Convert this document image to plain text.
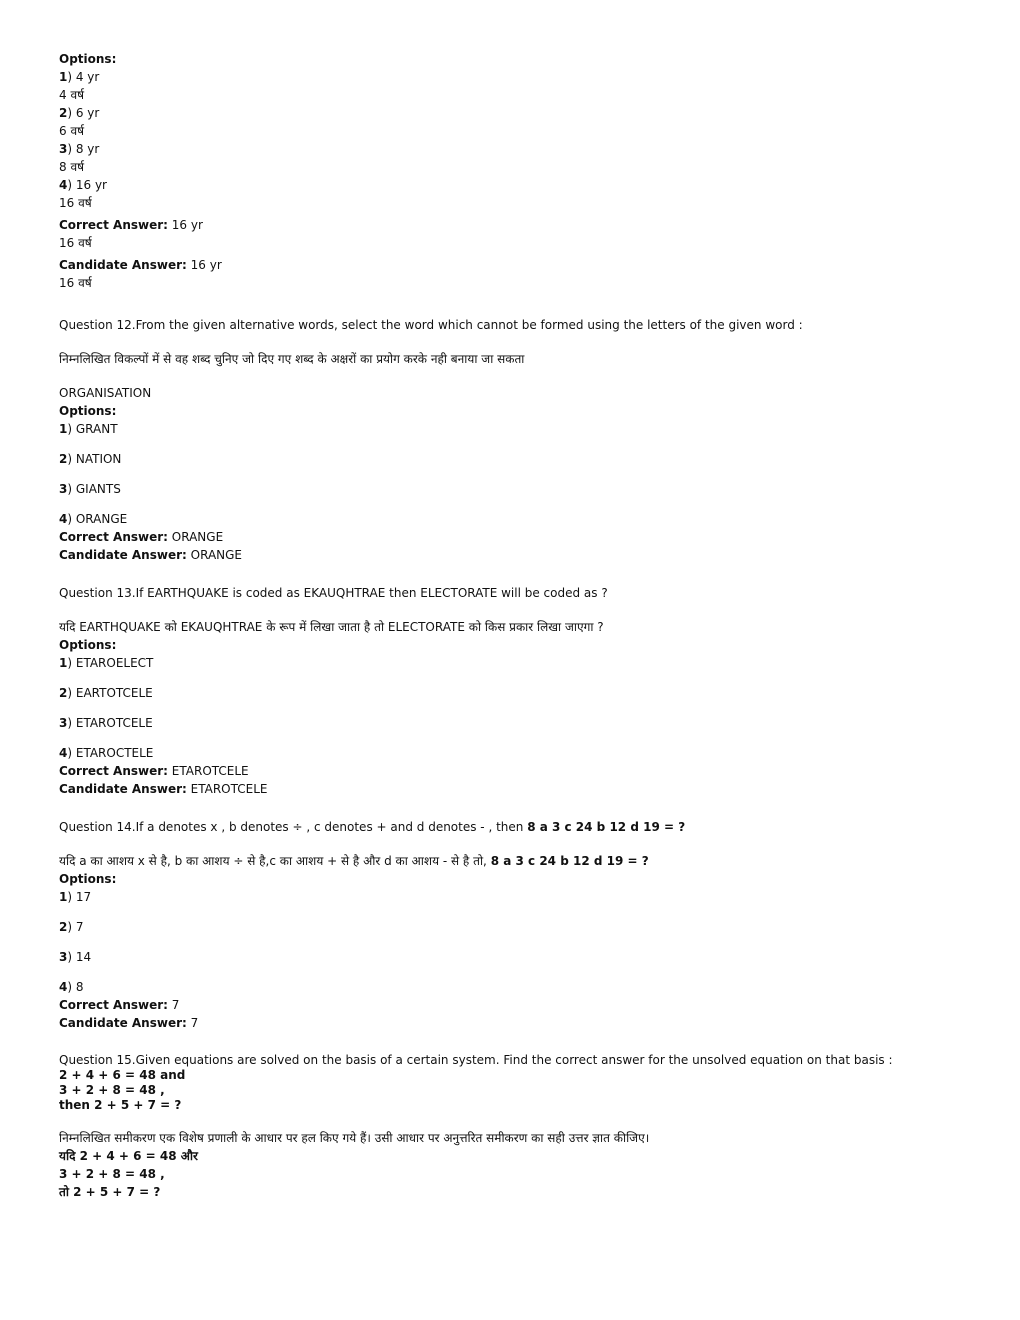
Options:
1) 4 yr
4 वर्ष
2) 6 yr
6 वर्ष
3) 8 yr
8 वर्ष
4) 16 yr
16 वर्ष
Correct Answer: 16 yr
16 वर्ष
Candidate Answer: 16 yr
16 वर्ष
Question 12.From the given alternative words, select the word which cannot be formed using the letters of the given word :
निम्नलिखित विकल्पों में से वह शब्द चुनिए जो दिए गए शब्द के अक्षरों का प्रयोग करके नही बनाया जा सकता
ORGANISATION
Options:
1) GRANT
2) NATION
3) GIANTS
4) ORANGE
Correct Answer: ORANGE
Candidate Answer: ORANGE
Question 13.If EARTHQUAKE is coded as EKAUQHTRAE then ELECTORATE will be coded as ?
यदि EARTHQUAKE को EKAUQHTRAE के रूप में लिखा जाता है तो ELECTORATE को किस प्रकार लिखा जाएगा ?
Options:
1) ETAROELECT
2) EARTOTCELE
3) ETAROTCELE
4) ETAROCTELE
Correct Answer: ETAROTCELE
Candidate Answer: ETAROTCELE
Question 14.If a denotes x , b denotes ÷ , c denotes + and d denotes - , then 8 a 3 c 24 b 12 d 19 = ?
यदि a का आशय x से है, b का आशय ÷ से है,c का आशय + से है और d का आशय - से है तो, 8 a 3 c 24 b 12 d 19 = ?
Options:
1) 17
2) 7
3) 14
4) 8
Correct Answer: 7
Candidate Answer: 7
Question 15.Given equations are solved on the basis of a certain system. Find the correct answer for the unsolved equation on that basis :
2 + 4 + 6 = 48 and
3 + 2 + 8 = 48 ,
then 2 + 5 + 7 = ?
निम्नलिखित समीकरण एक विशेष प्रणाली के आधार पर हल किए गये हैं। उसी आधार पर अनुत्तरित समीकरण का सही उत्तर ज्ञात कीजिए।
यदि 2 + 4 + 6 = 48 और
3 + 2 + 8 = 48 ,
तो 2 + 5 + 7 = ?
